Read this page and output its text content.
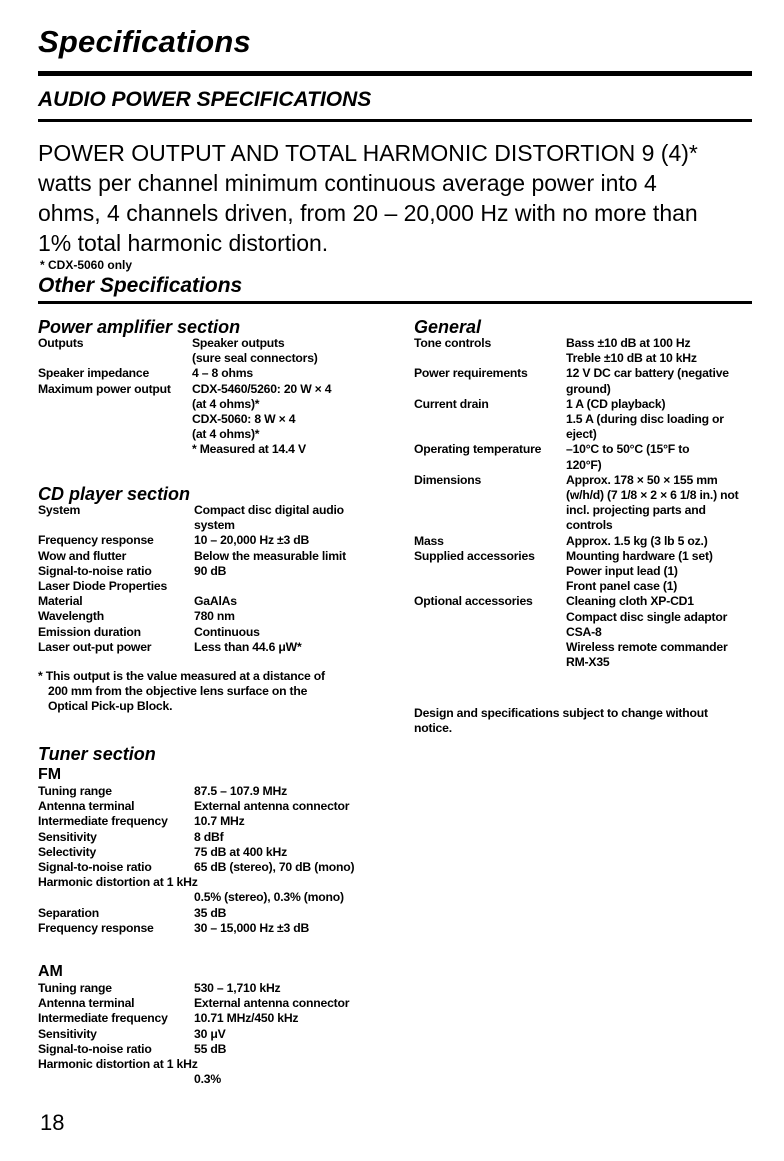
Specifications
AUDIO POWER SPECIFICATIONS
POWER OUTPUT AND TOTAL HARMONIC DISTORTION 9 (4)*
watts per channel minimum continuous average power into 4
ohms, 4 channels driven, from 20 – 20,000 Hz with no more than
1% total harmonic distortion.
* CDX-5060 only
Other Specifications
Power amplifier section
Outputs	Speaker outputs
(sure seal connectors)
Speaker impedance	4 – 8 ohms
Maximum power output	CDX-5460/5260: 20 W × 4
(at 4 ohms)*
CDX-5060: 8 W × 4
(at 4 ohms)*
* Measured at 14.4 V
CD player section
System	Compact disc digital audio
system
Frequency response	10 – 20,000 Hz ±3 dB
Wow and flutter	Below the measurable limit
Signal-to-noise ratio	90 dB
Laser Diode Properties
Material	GaAlAs
Wavelength	780 nm
Emission duration	Continuous
Laser out-put power	Less than 44.6 μW*
* This output is the value measured at a distance of
200 mm from the objective lens surface on the
Optical Pick-up Block.
Tuner section
FM
Tuning range	87.5 – 107.9 MHz
Antenna terminal	External antenna connector
Intermediate frequency	10.7 MHz
Sensitivity	8 dBf
Selectivity	75 dB at 400 kHz
Signal-to-noise ratio	65 dB (stereo), 70 dB (mono)
Harmonic distortion at 1 kHz
0.5% (stereo), 0.3% (mono)
Separation	35 dB
Frequency response	30 – 15,000 Hz ±3 dB
AM
Tuning range	530 – 1,710 kHz
Antenna terminal	External antenna connector
Intermediate frequency	10.71 MHz/450 kHz
Sensitivity	30 μV
Signal-to-noise ratio	55 dB
Harmonic distortion at 1 kHz
0.3%
General
Tone controls	Bass ±10 dB at 100 Hz
Treble ±10 dB at 10 kHz
Power requirements	12 V DC car battery (negative
ground)
Current drain	1 A (CD playback)
1.5 A (during disc loading or
eject)
Operating temperature	–10°C to 50°C (15°F to
120°F)
Dimensions	Approx. 178 × 50 × 155 mm
(w/h/d) (7 1/8 × 2 × 6 1/8 in.) not
incl. projecting parts and
controls
Mass	Approx. 1.5 kg (3 lb 5 oz.)
Supplied accessories	Mounting hardware (1 set)
Power input lead (1)
Front panel case (1)
Optional accessories	Cleaning cloth XP-CD1
Compact disc single adaptor
CSA-8
Wireless remote commander
RM-X35
Design and specifications subject to change without
notice.
18
